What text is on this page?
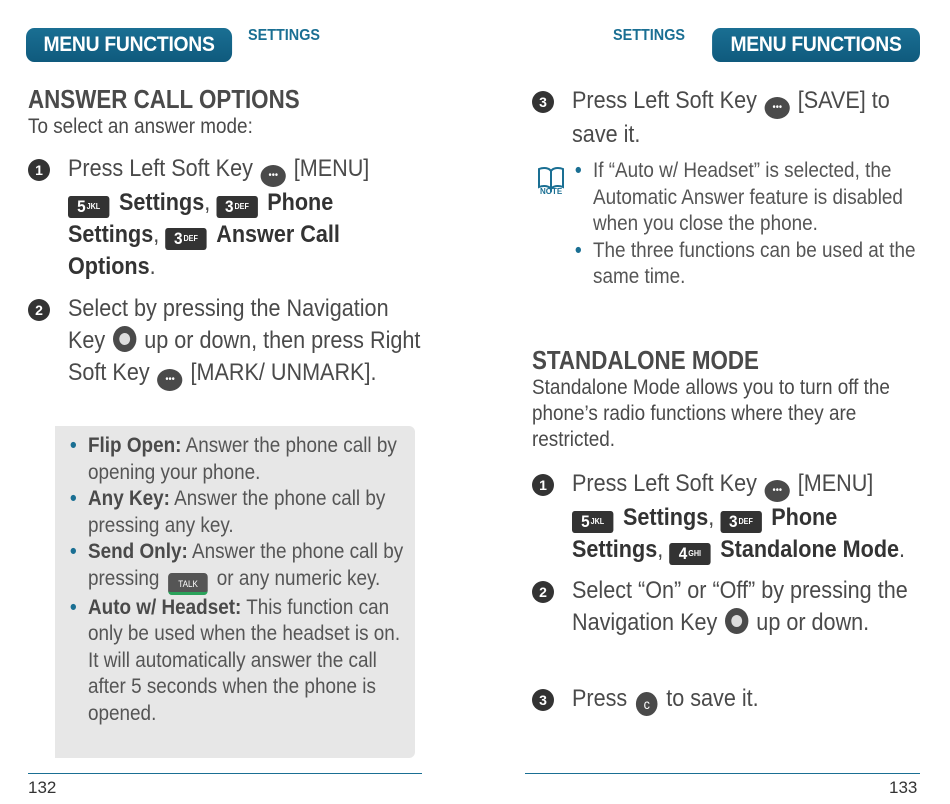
MENU FUNCTIONS	SETTINGS	SETTINGS	MENU FUNCTIONS
ANSWER CALL OPTIONS
To select an answer mode:
1 Press Left Soft Key ••• [MENU]

5 JKL Settings, 3 DEF Phone Settings, 3 DEF Answer Call Options.
2 Select by pressing the Navigation Key up or down, then press Right Soft Key ••• [MARK/ UNMARK].
• Flip Open: Answer the phone call by opening your phone.
• Any Key: Answer the phone call by pressing any key.
• Send Only: Answer the phone call by pressing TALK or any numeric key.
• Auto w/ Headset: This function can only be used when the headset is on. It will automatically answer the call after 5 seconds when the phone is opened.
132
3 Press Left Soft Key ••• [SAVE] to save it.
NOTE
• If “Auto w/ Headset” is selected, the Automatic Answer feature is disabled when you close the phone.
• The three functions can be used at the same time.
STANDALONE MODE
Standalone Mode allows you to turn off the phone’s radio functions where they are restricted.
1 Press Left Soft Key ••• [MENU]

5 JKL Settings, 3 DEF Phone Settings, 4 GHI Standalone Mode.
2 Select “On” or “Off” by pressing the Navigation Key up or down.
3 Press c to save it.
133
